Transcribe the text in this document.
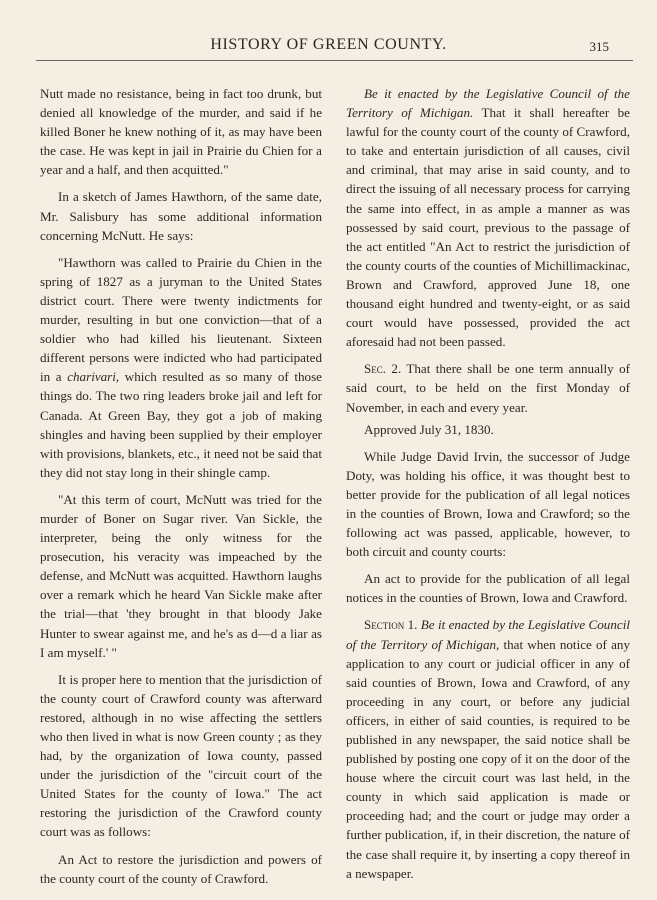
HISTORY OF GREEN COUNTY.	315

Nutt made no resistance, being in fact too drunk, but denied all knowledge of the murder, and said if he killed Boner he knew nothing of it, as may have been the case. He was kept in jail in Prairie du Chien for a year and a half, and then acquitted."

In a sketch of James Hawthorn, of the same date, Mr. Salisbury has some additional information concerning McNutt. He says:

"Hawthorn was called to Prairie du Chien in the spring of 1827 as a juryman to the United States district court. There were twenty indictments for murder, resulting in but one conviction—that of a soldier who had killed his lieutenant. Sixteen different persons were indicted who had participated in a charivari, which resulted as so many of those things do. The two ring leaders broke jail and left for Canada. At Green Bay, they got a job of making shingles and having been supplied by their employer with provisions, blankets, etc., it need not be said that they did not stay long in their shingle camp.

"At this term of court, McNutt was tried for the murder of Boner on Sugar river. Van Sickle, the interpreter, being the only witness for the prosecution, his veracity was impeached by the defense, and McNutt was acquitted. Hawthorn laughs over a remark which he heard Van Sickle make after the trial—that 'they brought in that bloody Jake Hunter to swear against me, and he's as d—d a liar as I am myself.' "

It is proper here to mention that the jurisdiction of the county court of Crawford county was afterward restored, although in no wise affecting the settlers who then lived in what is now Green county ; as they had, by the organization of Iowa county, passed under the jurisdiction of the "circuit court of the United States for the county of Iowa." The act restoring the jurisdiction of the Crawford county court was as follows:

An Act to restore the jurisdiction and powers of the county court of the county of Crawford.

Be it enacted by the Legislative Council of the Territory of Michigan. That it shall hereafter be lawful for the county court of the county of Crawford, to take and entertain jurisdiction of all causes, civil and criminal, that may arise in said county, and to direct the issuing of all necessary process for carrying the same into effect, in as ample a manner as was possessed by said court, previous to the passage of the act entitled "An Act to restrict the jurisdiction of the county courts of the counties of Michillimackinac, Brown and Crawford, approved June 18, one thousand eight hundred and twenty-eight, or as said court would have possessed, provided the act aforesaid had not been passed.

Sec. 2. That there shall be one term annually of said court, to be held on the first Monday of November, in each and every year.

Approved July 31, 1830.

While Judge David Irvin, the successor of Judge Doty, was holding his office, it was thought best to better provide for the publication of all legal notices in the counties of Brown, Iowa and Crawford; so the following act was passed, applicable, however, to both circuit and county courts:

An act to provide for the publication of all legal notices in the counties of Brown, Iowa and Crawford.

Section 1. Be it enacted by the Legislative Council of the Territory of Michigan, that when notice of any application to any court or judicial officer in any of said counties of Brown, Iowa and Crawford, of any proceeding in any court, or before any judicial officers, in either of said counties, is required to be published in any newspaper, the said notice shall be published by posting one copy of it on the door of the house where the circuit court was last held, in the county in which said application is made or proceeding had; and the court or judge may order a further publication, if, in their discretion, the nature of the case shall require it, by inserting a copy thereof in a newspaper.
